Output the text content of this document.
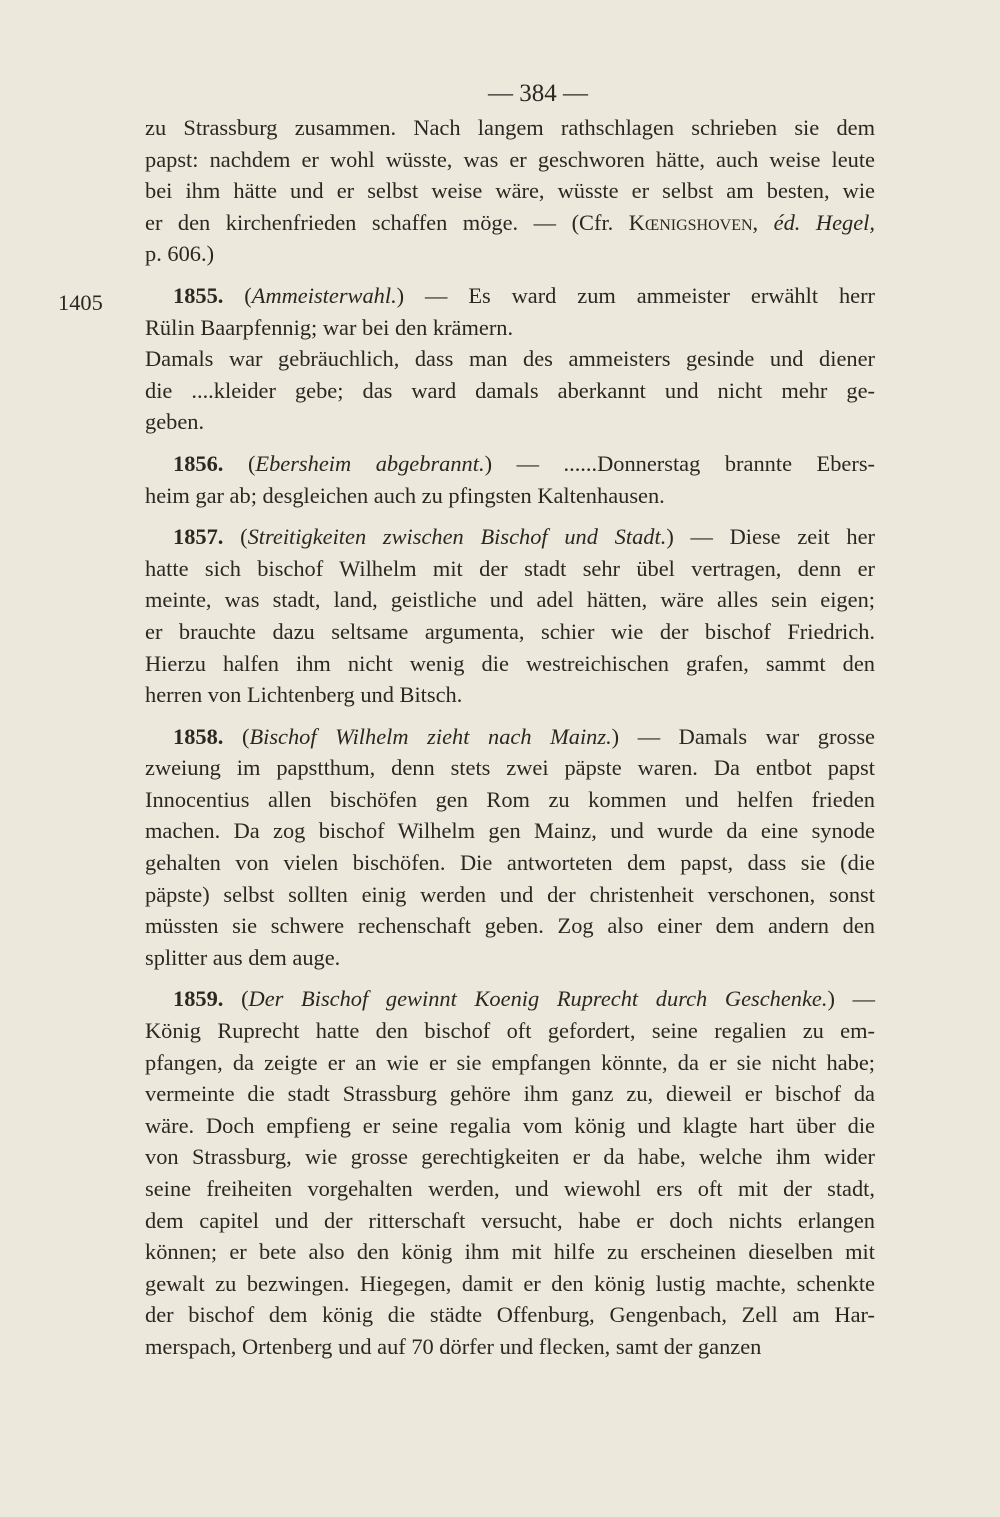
— 384 —
1405
zu Strassburg zusammen. Nach langem rathschlagen schrieben sie dem
papst: nachdem er wohl wüsste, was er geschworen hätte, auch weise leute
bei ihm hätte und er selbst weise wäre, wüsste er selbst am besten, wie
er den kirchenfrieden schaffen möge. — (Cfr. Kœnigshoven, éd. Hegel,
p. 606.)
1855. (Ammeisterwahl.) — Es ward zum ammeister erwählt herr
Rülin Baarpfennig; war bei den krämern.
Damals war gebräuchlich, dass man des ammeisters gesinde und diener
die ....kleider gebe; das ward damals aberkannt und nicht mehr ge-
geben.
1856. (Ebersheim abgebrannt.) — ......Donnerstag brannte Ebers-
heim gar ab; desgleichen auch zu pfingsten Kaltenhausen.
1857. (Streitigkeiten zwischen Bischof und Stadt.) — Diese zeit her
hatte sich bischof Wilhelm mit der stadt sehr übel vertragen, denn er
meinte, was stadt, land, geistliche und adel hätten, wäre alles sein eigen;
er brauchte dazu seltsame argumenta, schier wie der bischof Friedrich.
Hierzu halfen ihm nicht wenig die westreichischen grafen, sammt den
herren von Lichtenberg und Bitsch.
1858. (Bischof Wilhelm zieht nach Mainz.) — Damals war grosse
zweiung im papstthum, denn stets zwei päpste waren. Da entbot papst
Innocentius allen bischöfen gen Rom zu kommen und helfen frieden
machen. Da zog bischof Wilhelm gen Mainz, und wurde da eine synode
gehalten von vielen bischöfen. Die antworteten dem papst, dass sie (die
päpste) selbst sollten einig werden und der christenheit verschonen, sonst
müssten sie schwere rechenschaft geben. Zog also einer dem andern den
splitter aus dem auge.
1859. (Der Bischof gewinnt Koenig Ruprecht durch Geschenke.) —
König Ruprecht hatte den bischof oft gefordert, seine regalien zu em-
pfangen, da zeigte er an wie er sie empfangen könnte, da er sie nicht habe;
vermeinte die stadt Strassburg gehöre ihm ganz zu, dieweil er bischof da
wäre. Doch empfieng er seine regalia vom könig und klagte hart über die
von Strassburg, wie grosse gerechtigkeiten er da habe, welche ihm wider
seine freiheiten vorgehalten werden, und wiewohl ers oft mit der stadt,
dem capitel und der ritterschaft versucht, habe er doch nichts erlangen
können; er bete also den könig ihm mit hilfe zu erscheinen dieselben mit
gewalt zu bezwingen. Hiegegen, damit er den könig lustig machte, schenkte
der bischof dem könig die städte Offenburg, Gengenbach, Zell am Har-
merspach, Ortenberg und auf 70 dörfer und flecken, samt der ganzen
